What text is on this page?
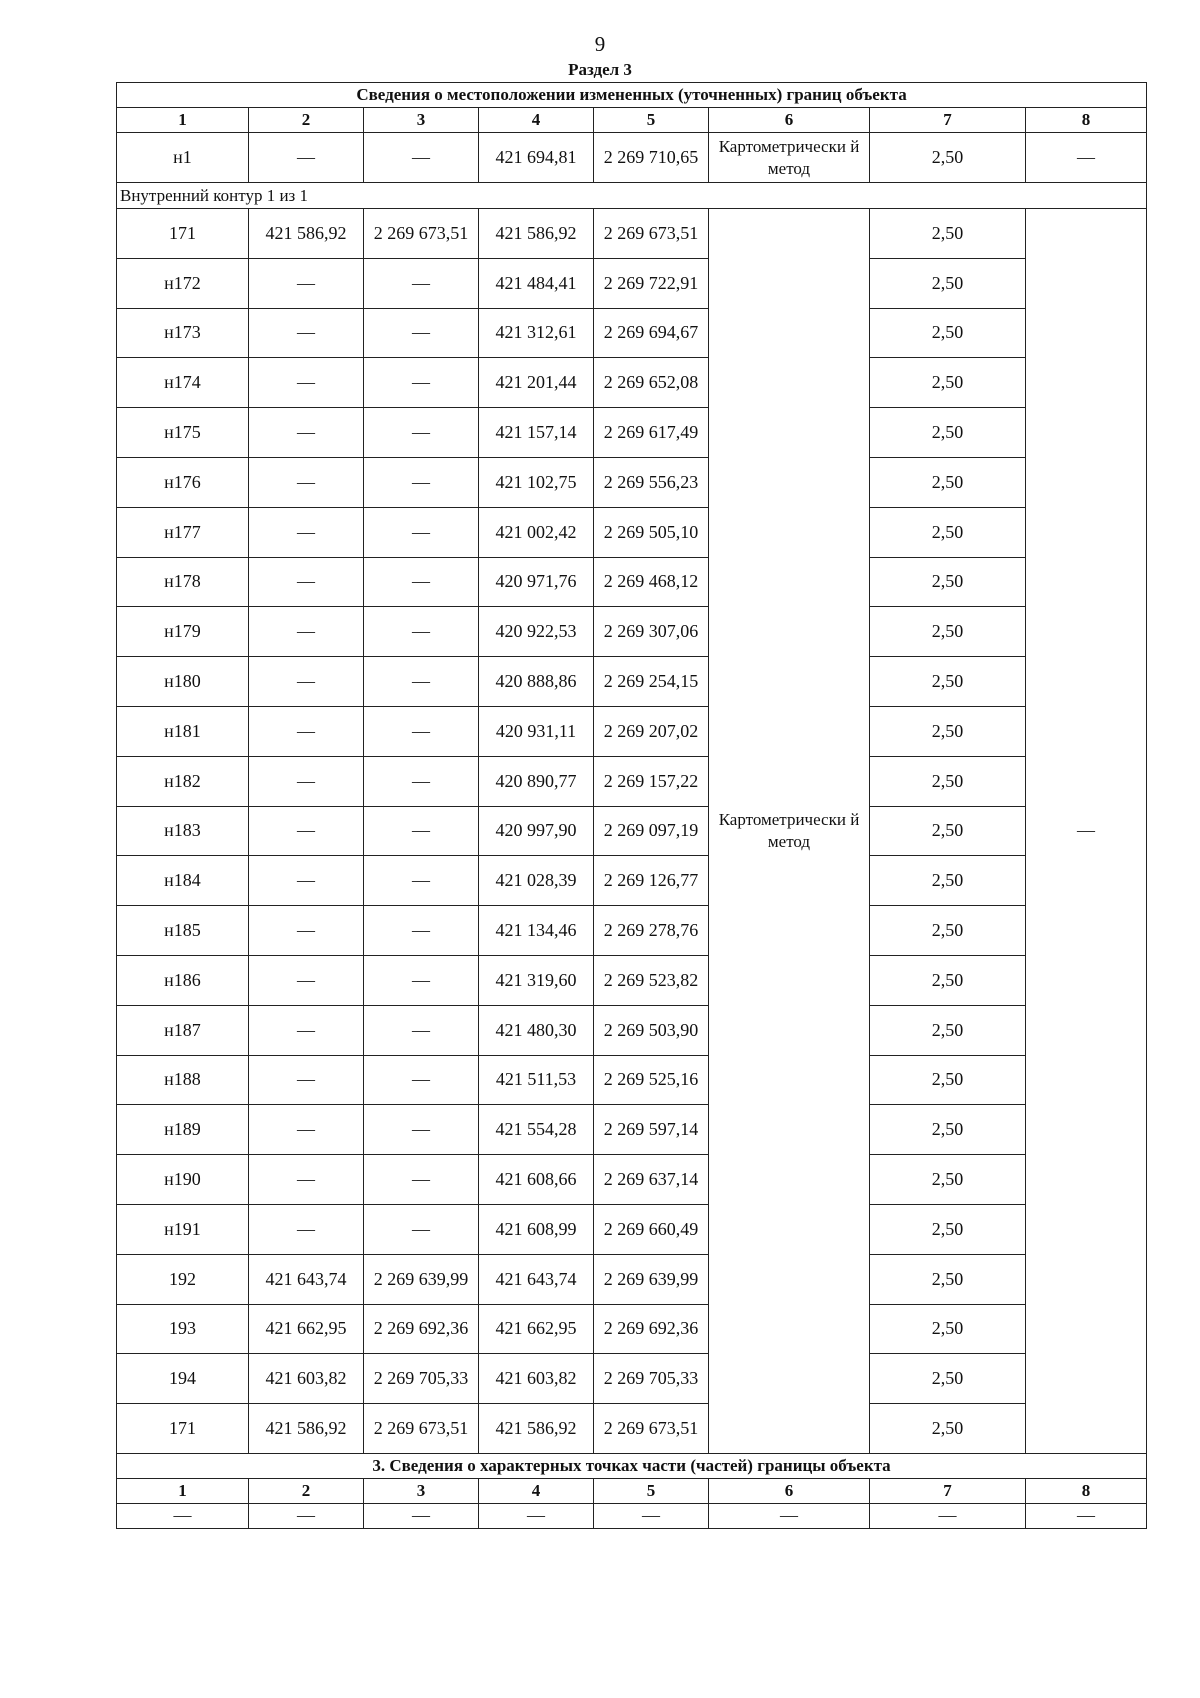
9
Раздел 3
Сведения о местоположении измененных (уточненных) границ объекта							
1	2	3	4	5	6	7	8
н1	—	—	421 694,81	2 269 710,65	Картометрически й метод	2,50	—
Внутренний контур 1 из 1							
171	421 586,92	2 269 673,51	421 586,92	2 269 673,51	Картометрически й метод	2,50	—
н172	—	—	421 484,41	2 269 722,91		2,50	
н173	—	—	421 312,61	2 269 694,67		2,50	
н174	—	—	421 201,44	2 269 652,08		2,50	
н175	—	—	421 157,14	2 269 617,49		2,50	
н176	—	—	421 102,75	2 269 556,23		2,50	
н177	—	—	421 002,42	2 269 505,10		2,50	
н178	—	—	420 971,76	2 269 468,12		2,50	
н179	—	—	420 922,53	2 269 307,06		2,50	
н180	—	—	420 888,86	2 269 254,15		2,50	
н181	—	—	420 931,11	2 269 207,02		2,50	
н182	—	—	420 890,77	2 269 157,22		2,50	
н183	—	—	420 997,90	2 269 097,19		2,50	
н184	—	—	421 028,39	2 269 126,77		2,50	
н185	—	—	421 134,46	2 269 278,76		2,50	
н186	—	—	421 319,60	2 269 523,82		2,50	
н187	—	—	421 480,30	2 269 503,90		2,50	
н188	—	—	421 511,53	2 269 525,16		2,50	
н189	—	—	421 554,28	2 269 597,14		2,50	
н190	—	—	421 608,66	2 269 637,14		2,50	
н191	—	—	421 608,99	2 269 660,49		2,50	
192	421 643,74	2 269 639,99	421 643,74	2 269 639,99		2,50	
193	421 662,95	2 269 692,36	421 662,95	2 269 692,36		2,50	
194	421 603,82	2 269 705,33	421 603,82	2 269 705,33		2,50	
171	421 586,92	2 269 673,51	421 586,92	2 269 673,51		2,50	
3. Сведения о характерных точках части (частей) границы объекта							
1	2	3	4	5	6	7	8
—	—	—	—	—	—	—	—
